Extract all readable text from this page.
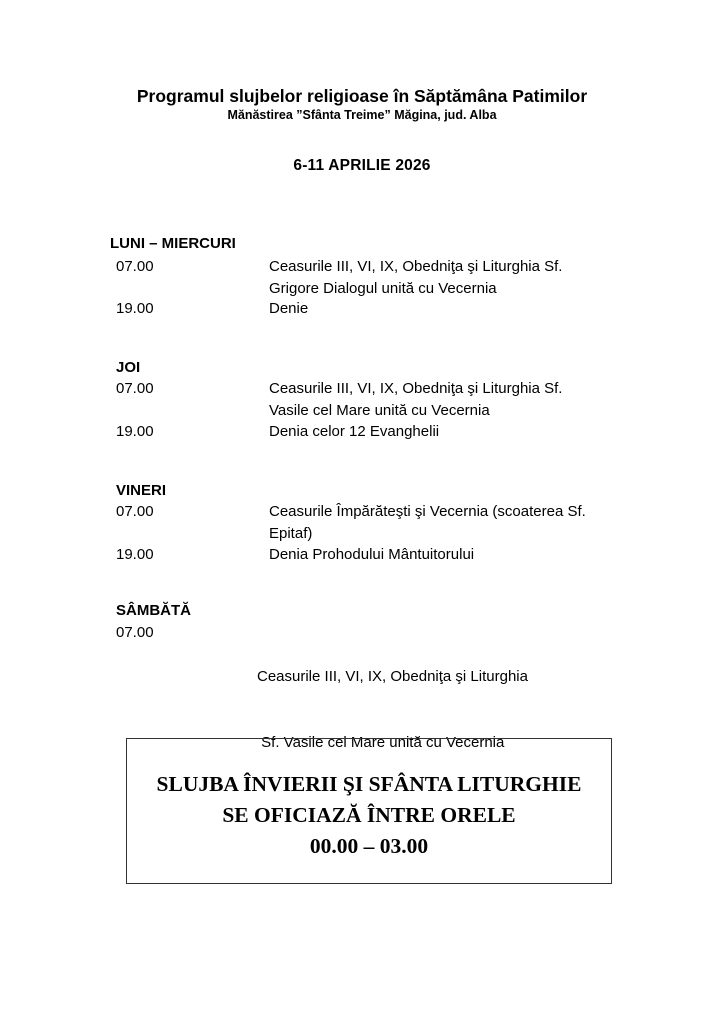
Programul slujbelor religioase în Săptămâna Patimilor
Mănăstirea ”Sfânta Treime” Măgina, jud. Alba
6-11 APRILIE 2026
LUNI – MIERCURI
07.00	Ceasurile III, VI, IX, Obedniţa şi Liturghia Sf.
Grigore Dialogul unită cu Vecernia
19.00	Denie
JOI
07.00	Ceasurile III, VI, IX, Obedniţa şi Liturghia Sf.
Vasile cel Mare unită cu Vecernia
19.00	Denia celor 12 Evanghelii
VINERI
07.00	Ceasurile Împărăteşti şi Vecernia (scoaterea Sf.
Epitaf)
19.00	Denia Prohodului Mântuitorului
SÂMBĂTĂ
07.00

Ceasurile III, VI, IX, Obedniţa şi Liturghia

Sf. Vasile cel Mare unită cu Vecernia

SLUJBA ÎNVIERII ŞI SFÂNTA LITURGHIE
SE OFICIAZĂ ÎNTRE ORELE
00.00 – 03.00
